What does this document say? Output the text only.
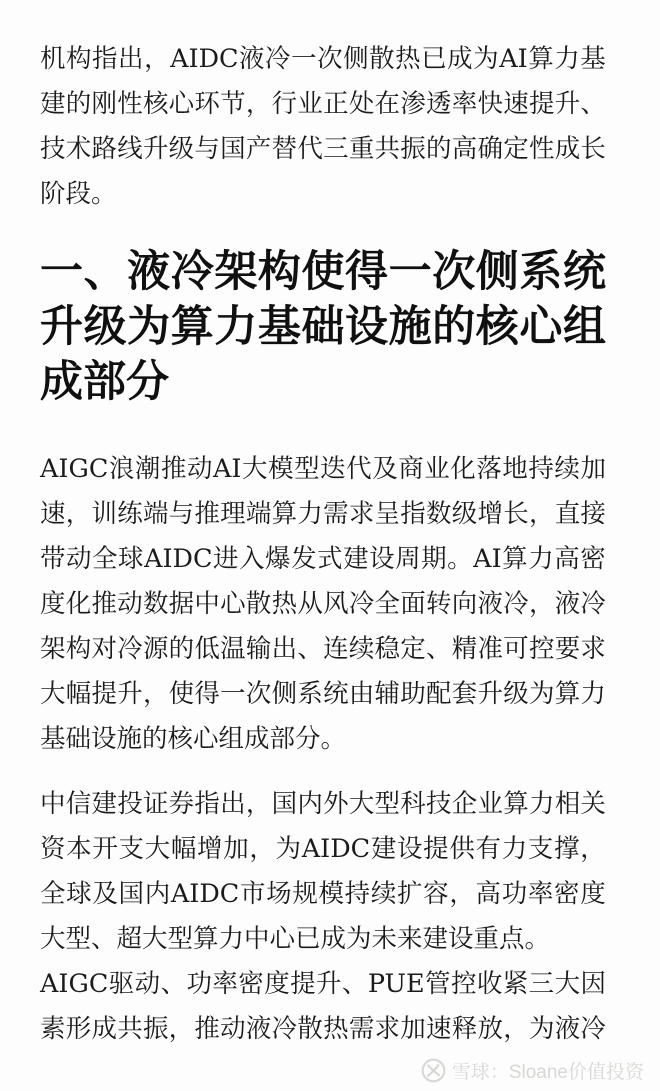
机 构 指 出 ， AIDC 液 冷 一 次 侧 散 热 已 成 为 AI 算 力 基
建 的 刚 性 核 心 环 节 ， 行 业 正 处 在 渗 透 率 快 速 提 升 、
技 术 路 线 升 级 与 国 产 替 代 三 重 共 振 的 高 确 定 性 成 长
阶段。
一 、 液 冷 架 构 使 得 一 次 侧 系 统
升 级 为 算 力 基 础 设 施 的 核 心 组
成部分
AIGC 浪 潮 推 动 AI 大 模 型 迭 代 及 商 业 化 落 地 持 续 加
速 ， 训 练 端 与 推 理 端 算 力 需 求 呈 指 数 级 增 长 ， 直 接
带 动 全 球 AIDC 进 入 爆 发 式 建 设 周 期 。 AI 算 力 高 密
度 化 推 动 数 据 中 心 散 热 从 风 冷 全 面 转 向 液 冷 ， 液 冷
架 构 对 冷 源 的 低 温 输 出 、 连 续 稳 定 、 精 准 可 控 要 求
大 幅 提 升 ， 使 得 一 次 侧 系 统 由 辅 助 配 套 升 级 为 算 力
基础设施的核心组成部分。
中 信 建 投 证 券 指 出 ， 国 内 外 大 型 科 技 企 业 算 力 相 关
资 本 开 支 大 幅 增 加 ， 为 AIDC 建 设 提 供 有 力 支 撑 ，
全 球 及 国 内 AIDC 市 场 规 模 持 续 扩 容 ， 高 功 率 密 度
大型、超大型算力中心已成为未来建设重点。
AIGC 驱 动 、 功 率 密 度 提 升 、 PUE 管 控 收 紧 三 大 因
素 形 成 共 振 ， 推 动 液 冷 散 热 需 求 加 速 释 放 ， 为 液 冷
雪球：Sloane价值投资
